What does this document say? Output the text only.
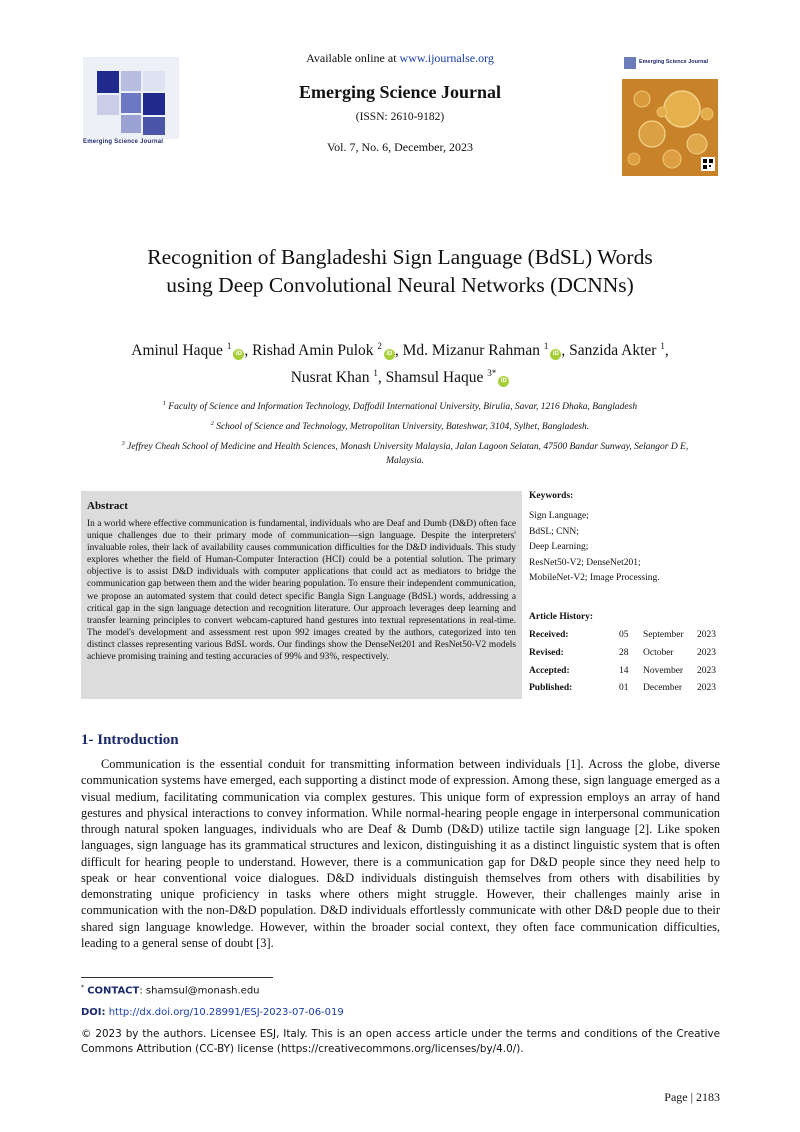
Emerging Science Journal
Available online at www.ijournalse.org
Emerging Science Journal
(ISSN: 2610-9182)
Vol. 7, No. 6, December, 2023
Emerging Science Journal
Recognition of Bangladeshi Sign Language (BdSL) Words
using Deep Convolutional Neural Networks (DCNNs)
Aminul Haque $^1$iD , Rishad Amin Pulok $^2$iD , Md. Mizanur Rahman $^1$iD , Sanzida Akter $^1$,
Nusrat Khan $^1$, Shamsul Haque $^{3*}$iD
$^1$ Faculty of Science and Information Technology, Daffodil International University, Birulia, Savar, 1216 Dhaka, Bangladesh
$^2$ School of Science and Technology, Metropolitan University, Bateshwar, 3104, Sylhet, Bangladesh.
$^3$ Jeffrey Cheah School of Medicine and Health Sciences, Monash University Malaysia, Jalan Lagoon Selatan, 47500 Bandar Sunway, Selangor D E, Malaysia.
Abstract

In a world where effective communication is fundamental, individuals who are Deaf and Dumb (D&D) often face unique challenges due to their primary mode of communication—sign language. Despite the interpreters' invaluable roles, their lack of availability causes communication difficulties for the D&D individuals. This study explores whether the field of Human-Computer Interaction (HCI) could be a potential solution. The primary objective is to assist D&D individuals with computer applications that could act as mediators to bridge the communication gap between them and the wider hearing population. To ensure their independent communication, we propose an automated system that could detect specific Bangla Sign Language (BdSL) words, addressing a critical gap in the sign language detection and recognition literature. Our approach leverages deep learning and transfer learning principles to convert webcam-captured hand gestures into textual representations in real-time. The model's development and assessment rest upon 992 images created by the authors, categorized into ten distinct classes representing various BdSL words. Our findings show the DenseNet201 and ResNet50-V2 models achieve promising training and testing accuracies of 99% and 93%, respectively.

Keywords:
Sign Language;
BdSL; CNN;
Deep Learning;
ResNet50-V2; DenseNet201;
MobileNet-V2; Image Processing.
Article History:
Received:	05 September 2023
Revised:	28 October 2023
Accepted:	14 November 2023
Published:	01 December 2023
1- Introduction

Communication is the essential conduit for transmitting information between individuals [1]. Across the globe, diverse communication systems have emerged, each supporting a distinct mode of expression. Among these, sign language emerged as a visual medium, facilitating communication via complex gestures. This unique form of expression employs an array of hand gestures and physical interactions to convey information. While normal-hearing people engage in interpersonal communication through natural spoken languages, individuals who are Deaf & Dumb (D&D) utilize tactile sign language [2]. Like spoken languages, sign language has its grammatical structures and lexicon, distinguishing it as a distinct linguistic system that is often difficult for hearing people to understand. However, there is a communication gap for D&D people since they need help to speak or hear conventional voice dialogues. D&D individuals distinguish themselves from others with disabilities by demonstrating unique proficiency in tasks where others might struggle. However, their challenges mainly arise in communication with the non-D&D population. D&D individuals effortlessly communicate with other D&D people due to their shared sign language knowledge. However, within the broader social context, they often face communication difficulties, leading to a general sense of doubt [3].

* CONTACT: shamsul@monash.edu
DOI: http://dx.doi.org/10.28991/ESJ-2023-07-06-019
© 2023 by the authors. Licensee ESJ, Italy. This is an open access article under the terms and conditions of the Creative Commons Attribution (CC-BY) license (https://creativecommons.org/licenses/by/4.0/).
Page | 2183
